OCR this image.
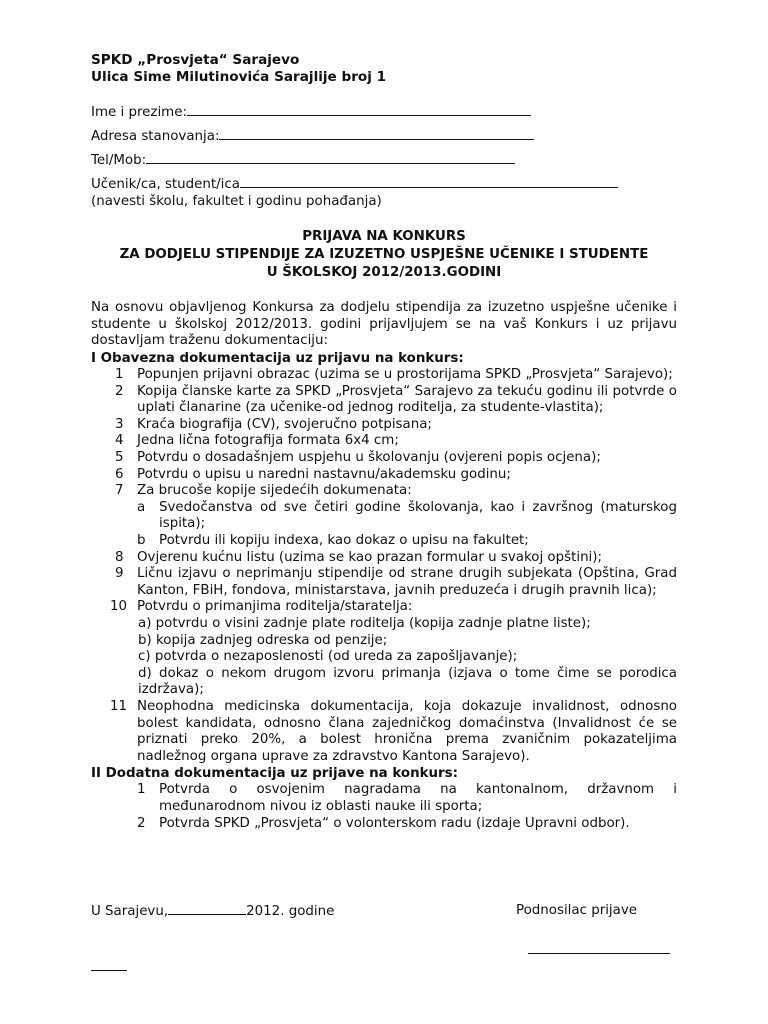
SPKD „Prosvjeta“ Sarajevo
Ulica Sime Milutinovića Sarajlije broj 1
Ime i prezime:
Adresa stanovanja:
Tel/Mob:
Učenik/ca, student/ica
(navesti školu, fakultet i godinu pohađanja)
PRIJAVA NA KONKURS
ZA DODJELU STIPENDIJE ZA IZUZETNO USPJEŠNE UČENIKE I STUDENTE
U ŠKOLSKOJ 2012/2013.GODINI
Na osnovu objavljenog Konkursa za dodjelu stipendija za izuzetno uspješne učenike i studente u školskoj 2012/2013. godini prijavljujem se na vaš Konkurs i uz prijavu dostavljam traženu dokumentaciju:
I Obavezna dokumentacija uz prijavu na konkurs:
1 Popunjen prijavni obrazac (uzima se u prostorijama SPKD „Prosvjeta“ Sarajevo);
2 Kopija članske karte za SPKD „Prosvjeta“ Sarajevo za tekuću godinu ili potvrde o uplati članarine (za učenike-od jednog roditelja, za studente-vlastita);
3 Kraća biografija (CV), svojeručno potpisana;
4 Jedna lična fotografija formata 6x4 cm;
5 Potvrdu o dosadašnjem uspjehu u školovanju (ovjereni popis ocjena);
6 Potvrdu o upisu u naredni nastavnu/akademsku godinu;
7 Za brucoše kopije sijedećih dokumenata:
a Svedočanstva od sve četiri godine školovanja, kao i završnog (maturskog ispita);
b Potvrdu ili kopiju indexa, kao dokaz o upisu na fakultet;
8 Ovjerenu kućnu listu (uzima se kao prazan formular u svakoj opštini);
9 Ličnu izjavu o neprimanju stipendije od strane drugih subjekata (Opština, Grad Kanton, FBiH, fondova, ministarstava, javnih preduzeća i drugih pravnih lica);
10 Potvrdu o primanjima roditelja/staratelja:
a) potvrdu o visini zadnje plate roditelja (kopija zadnje platne liste);
b) kopija zadnjeg odreska od penzije;
c) potvrda o nezaposlenosti (od ureda za zapošljavanje);
d) dokaz o nekom drugom izvoru primanja (izjava o tome čime se porodica izdržava);
11 Neophodna medicinska dokumentacija, koja dokazuje invalidnost, odnosno bolest kandidata, odnosno člana zajedničkog domaćinstva (Invalidnost će se priznati preko 20%, a bolest hronična prema zvaničnim pokazateljima nadležnog organa uprave za zdravstvo Kantona Sarajevo).
II Dodatna dokumentacija uz prijave na konkurs:
1 Potvrda o osvojenim nagradama na kantonalnom, državnom i međunarodnom nivou iz oblasti nauke ili sporta;
2 Potvrda SPKD „Prosvjeta“ o volonterskom radu (izdaje Upravni odbor).
U Sarajevu,	2012. godine	Podnosilac prijave
